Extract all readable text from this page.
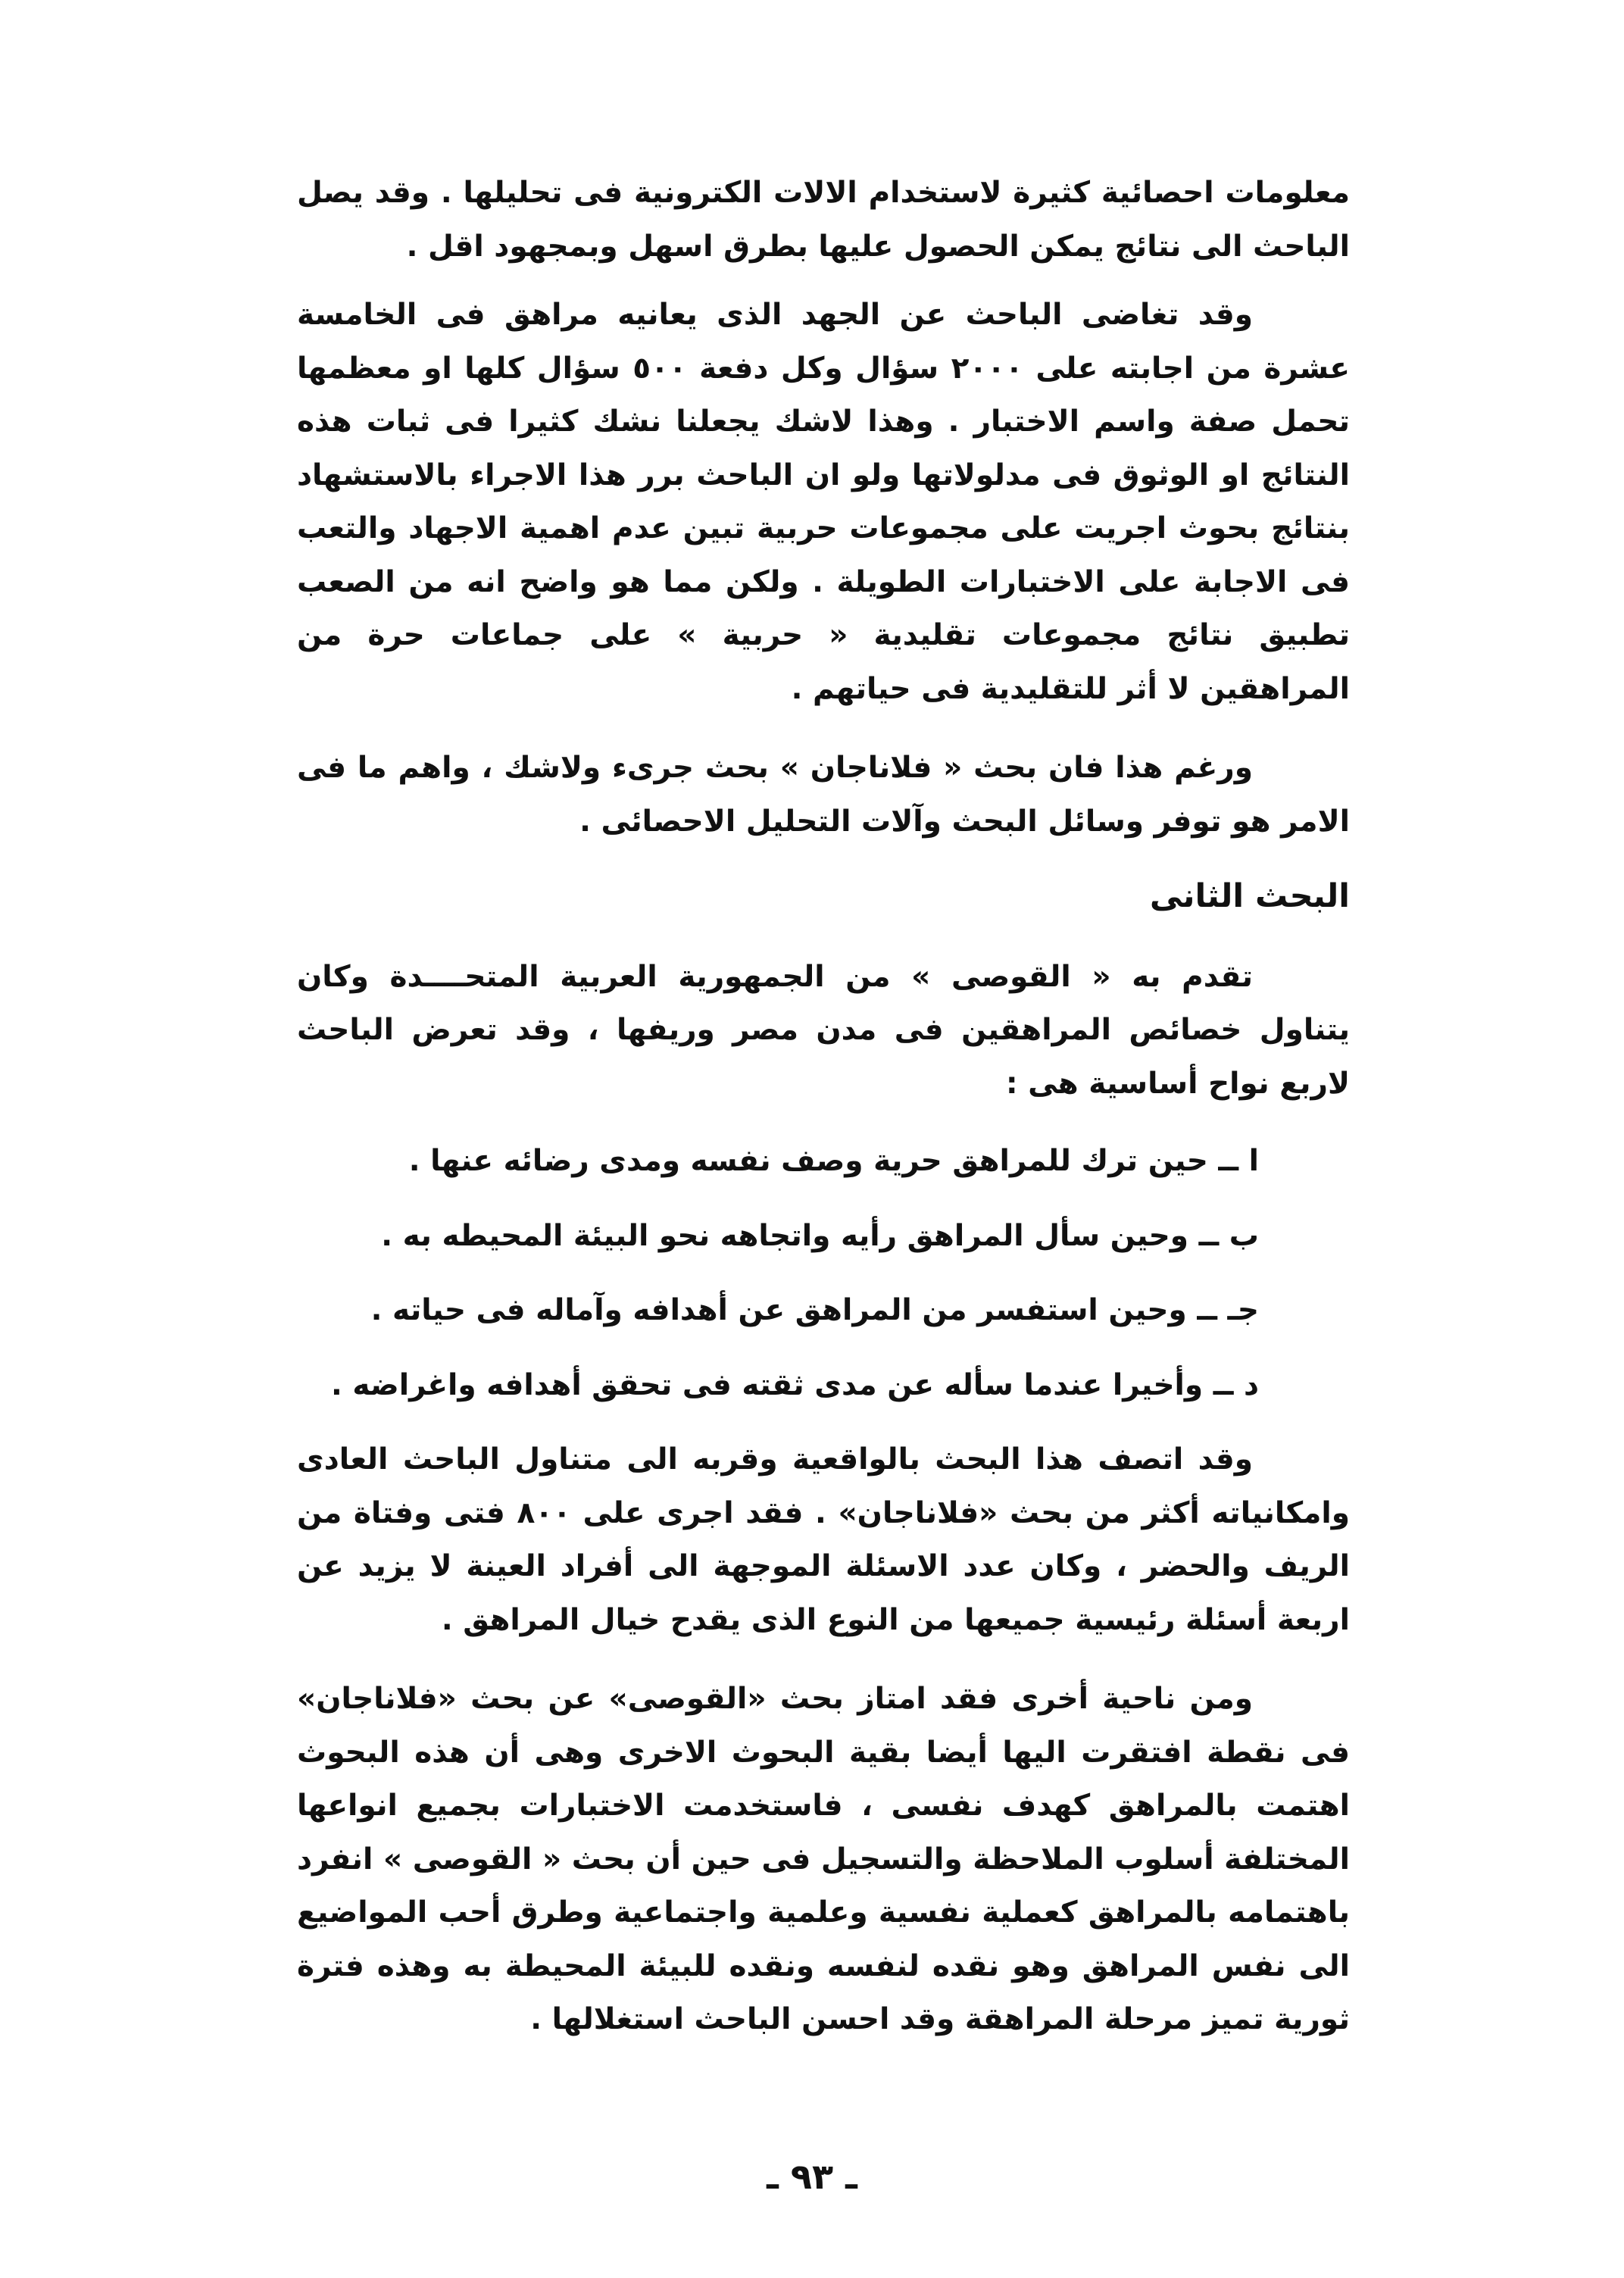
معلومات احصائية كثيرة لاستخدام الالات الكترونية فى تحليلها . وقد يصل الباحث الى نتائج يمكن الحصول عليها بطرق اسهل وبمجهود اقل .

وقد تغاضى الباحث عن الجهد الذى يعانيه مراهق فى الخامسة عشرة من اجابته على ٢٠٠٠ سؤال وكل دفعة ٥٠٠ سؤال كلها او معظمها تحمل صفة واسم الاختبار . وهذا لاشك يجعلنا نشك كثيرا فى ثبات هذه النتائج او الوثوق فى مدلولاتها ولو ان الباحث برر هذا الاجراء بالاستشهاد بنتائج بحوث اجريت على مجموعات حربية تبين عدم اهمية الاجهاد والتعب فى الاجابة على الاختبارات الطويلة . ولكن مما هو واضح انه من الصعب تطبيق نتائج مجموعات تقليدية « حربية » على جماعات حرة من المراهقين لا أثر للتقليدية فى حياتهم .

ورغم هذا فان بحث « فلاناجان » بحث جرىء ولاشك ، واهم ما فى الامر هو توفر وسائل البحث وآلات التحليل الاحصائى .

البحث الثانى

تقدم به « القوصى » من الجمهورية العربية المتحــــدة وكان يتناول خصائص المراهقين فى مدن مصر وريفها ، وقد تعرض الباحث لاربع نواح أساسية هى :

ا ــ حين ترك للمراهق حرية وصف نفسه ومدى رضائه عنها .

ب ــ وحين سأل المراهق رأيه واتجاهه نحو البيئة المحيطه به .

جـ ــ وحين استفسر من المراهق عن أهدافه وآماله فى حياته .

د ــ وأخيرا عندما سأله عن مدى ثقته فى تحقق أهدافه واغراضه .

وقد اتصف هذا البحث بالواقعية وقربه الى متناول الباحث العادى وامكانياته أكثر من بحث «فلاناجان» . فقد اجرى على ٨٠٠ فتى وفتاة من الريف والحضر ، وكان عدد الاسئلة الموجهة الى أفراد العينة لا يزيد عن اربعة أسئلة رئيسية جميعها من النوع الذى يقدح خيال المراهق .

ومن ناحية أخرى فقد امتاز بحث «القوصى» عن بحث «فلاناجان» فى نقطة افتقرت اليها أيضا بقية البحوث الاخرى وهى أن هذه البحوث اهتمت بالمراهق كهدف نفسى ، فاستخدمت الاختبارات بجميع انواعها المختلفة أسلوب الملاحظة والتسجيل فى حين أن بحث « القوصى » انفرد باهتمامه بالمراهق كعملية نفسية وعلمية واجتماعية وطرق أحب المواضيع الى نفس المراهق وهو نقده لنفسه ونقده للبيئة المحيطة به وهذه فترة ثورية تميز مرحلة المراهقة وقد احسن الباحث استغلالها .

ـ ٩٣ ـ
